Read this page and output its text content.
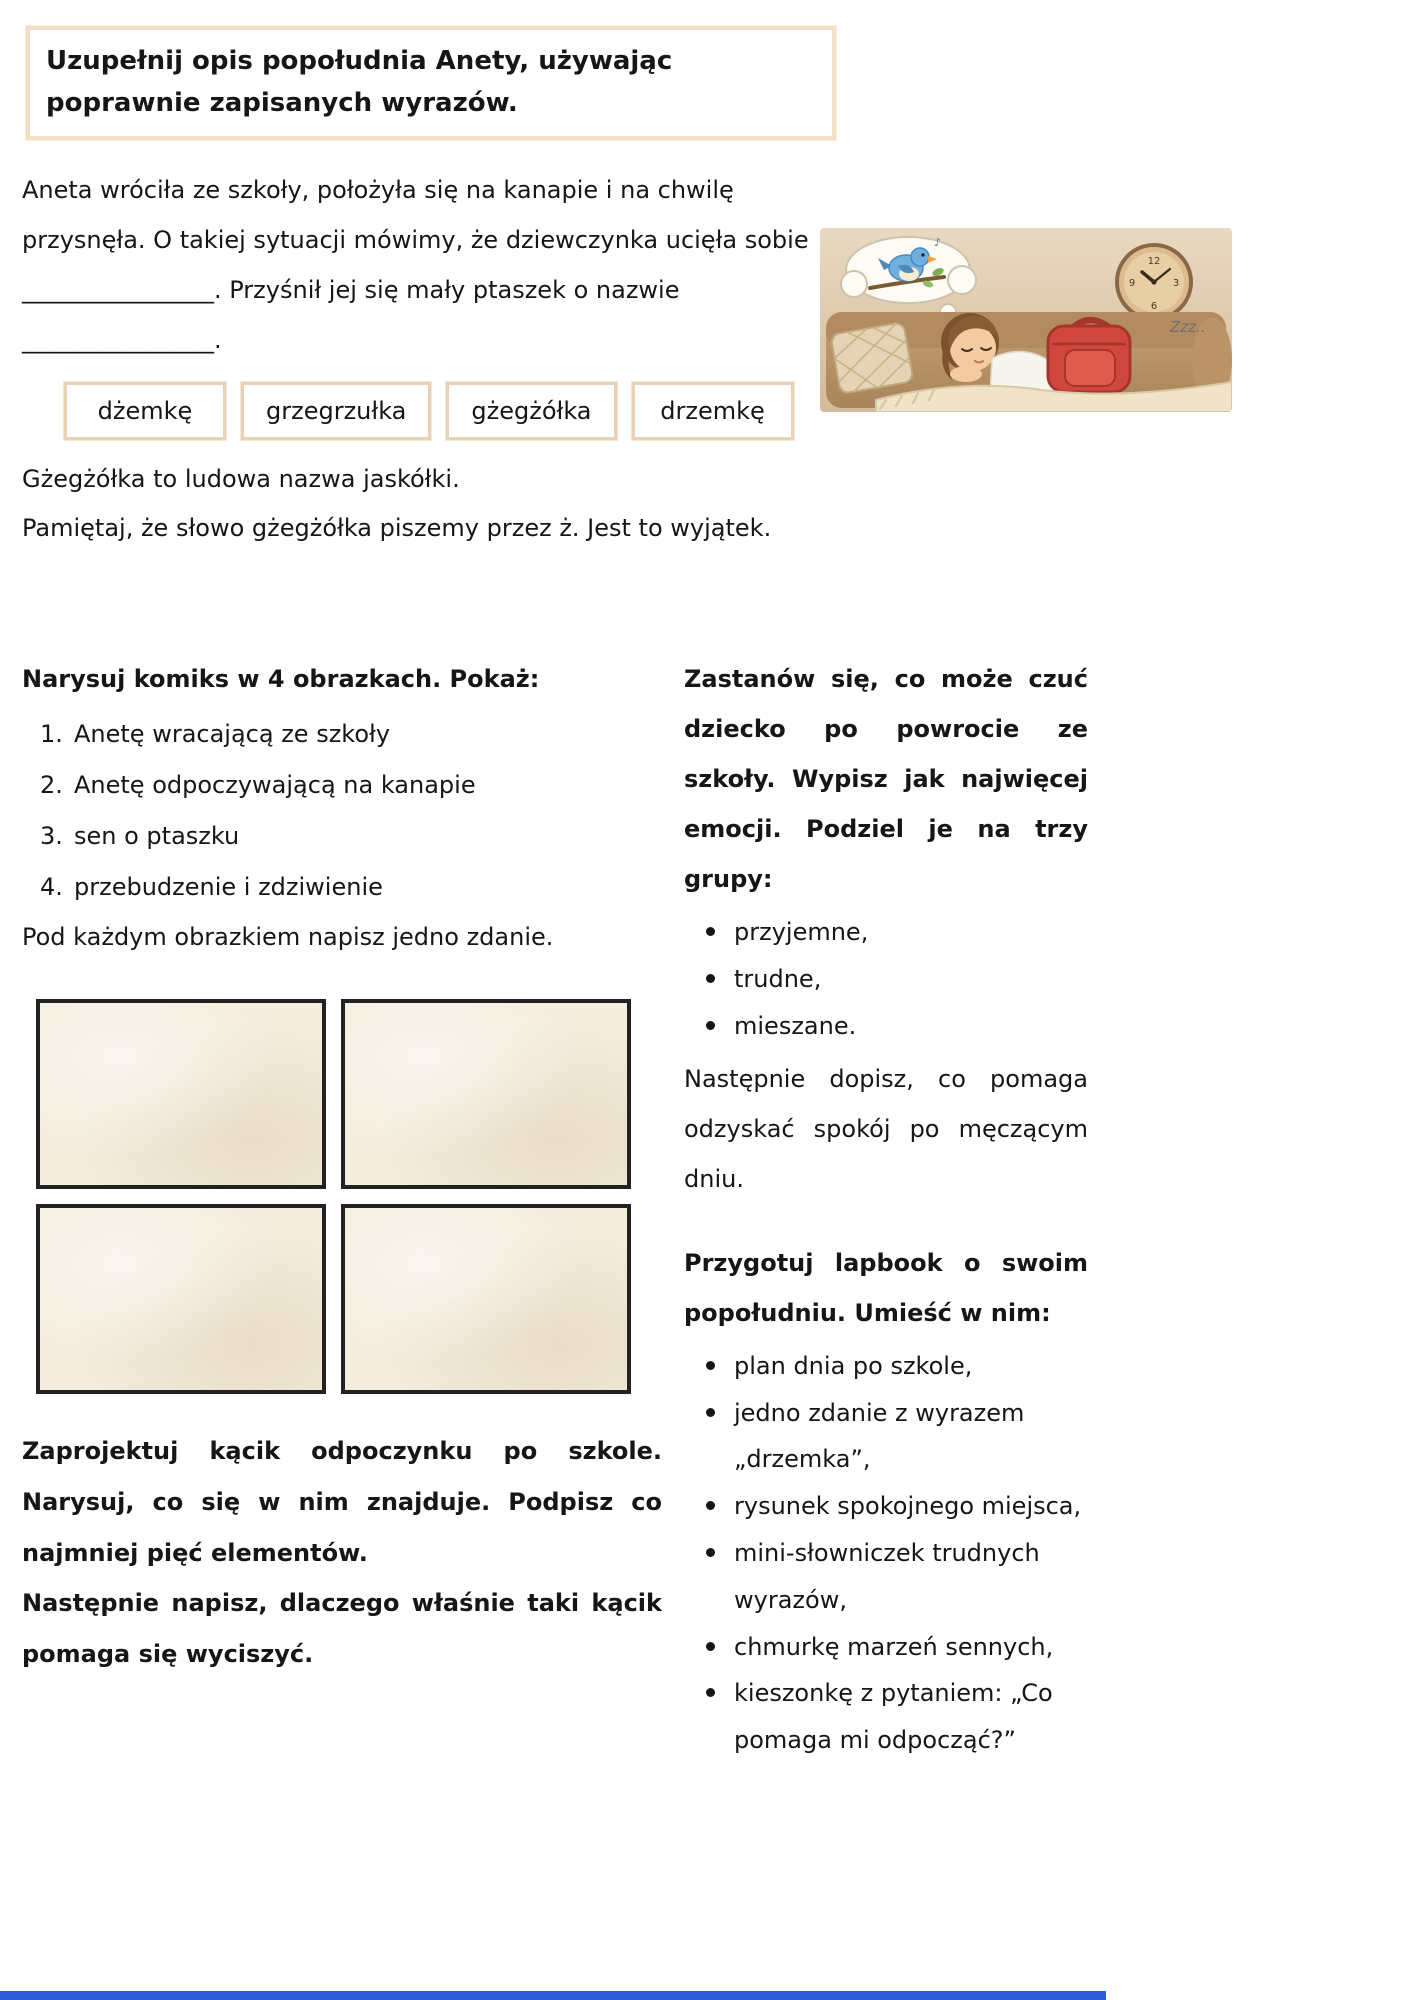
Uzupełnij opis popołudnia Anety, używając poprawnie zapisanych wyrazów.

Aneta wróciła ze szkoły, położyła się na kanapie i na chwilę przysnęła. O takiej sytuacji mówimy, że dziewczynka ucięła sobie ________________. Przyśnił jej się mały ptaszek o nazwie ________________.

dżemkę	grzegrzułka	gżegżółka	drzemkę

Gżegżółka to ludowa nazwa jaskółki.

Pamiętaj, że słowo gżegżółka piszemy przez ż. Jest to wyjątek.

12
3
6
9
♪
Zzz..

Narysuj komiks w 4 obrazkach. Pokaż:

1. Anetę wracającą ze szkoły
2. Anetę odpoczywającą na kanapie
3. sen o ptaszku
4. przebudzenie i zdziwienie

Pod każdym obrazkiem napisz jedno zdanie.

Zaprojektuj kącik odpoczynku po szkole. Narysuj, co się w nim znajduje. Podpisz co najmniej pięć elementów.

Następnie napisz, dlaczego właśnie taki kącik pomaga się wyciszyć.

Zastanów się, co może czuć dziecko po powrocie ze szkoły. Wypisz jak najwięcej emocji. Podziel je na trzy grupy:

przyjemne,
trudne,
mieszane.

Następnie dopisz, co pomaga odzyskać spokój po męczącym dniu.

Przygotuj lapbook o swoim popołudniu. Umieść w nim:

plan dnia po szkole,
jedno zdanie z wyrazem „drzemka”,
rysunek spokojnego miejsca,
mini-słowniczek trudnych wyrazów,
chmurkę marzeń sennych,
kieszonkę z pytaniem: „Co pomaga mi odpocząć?”
